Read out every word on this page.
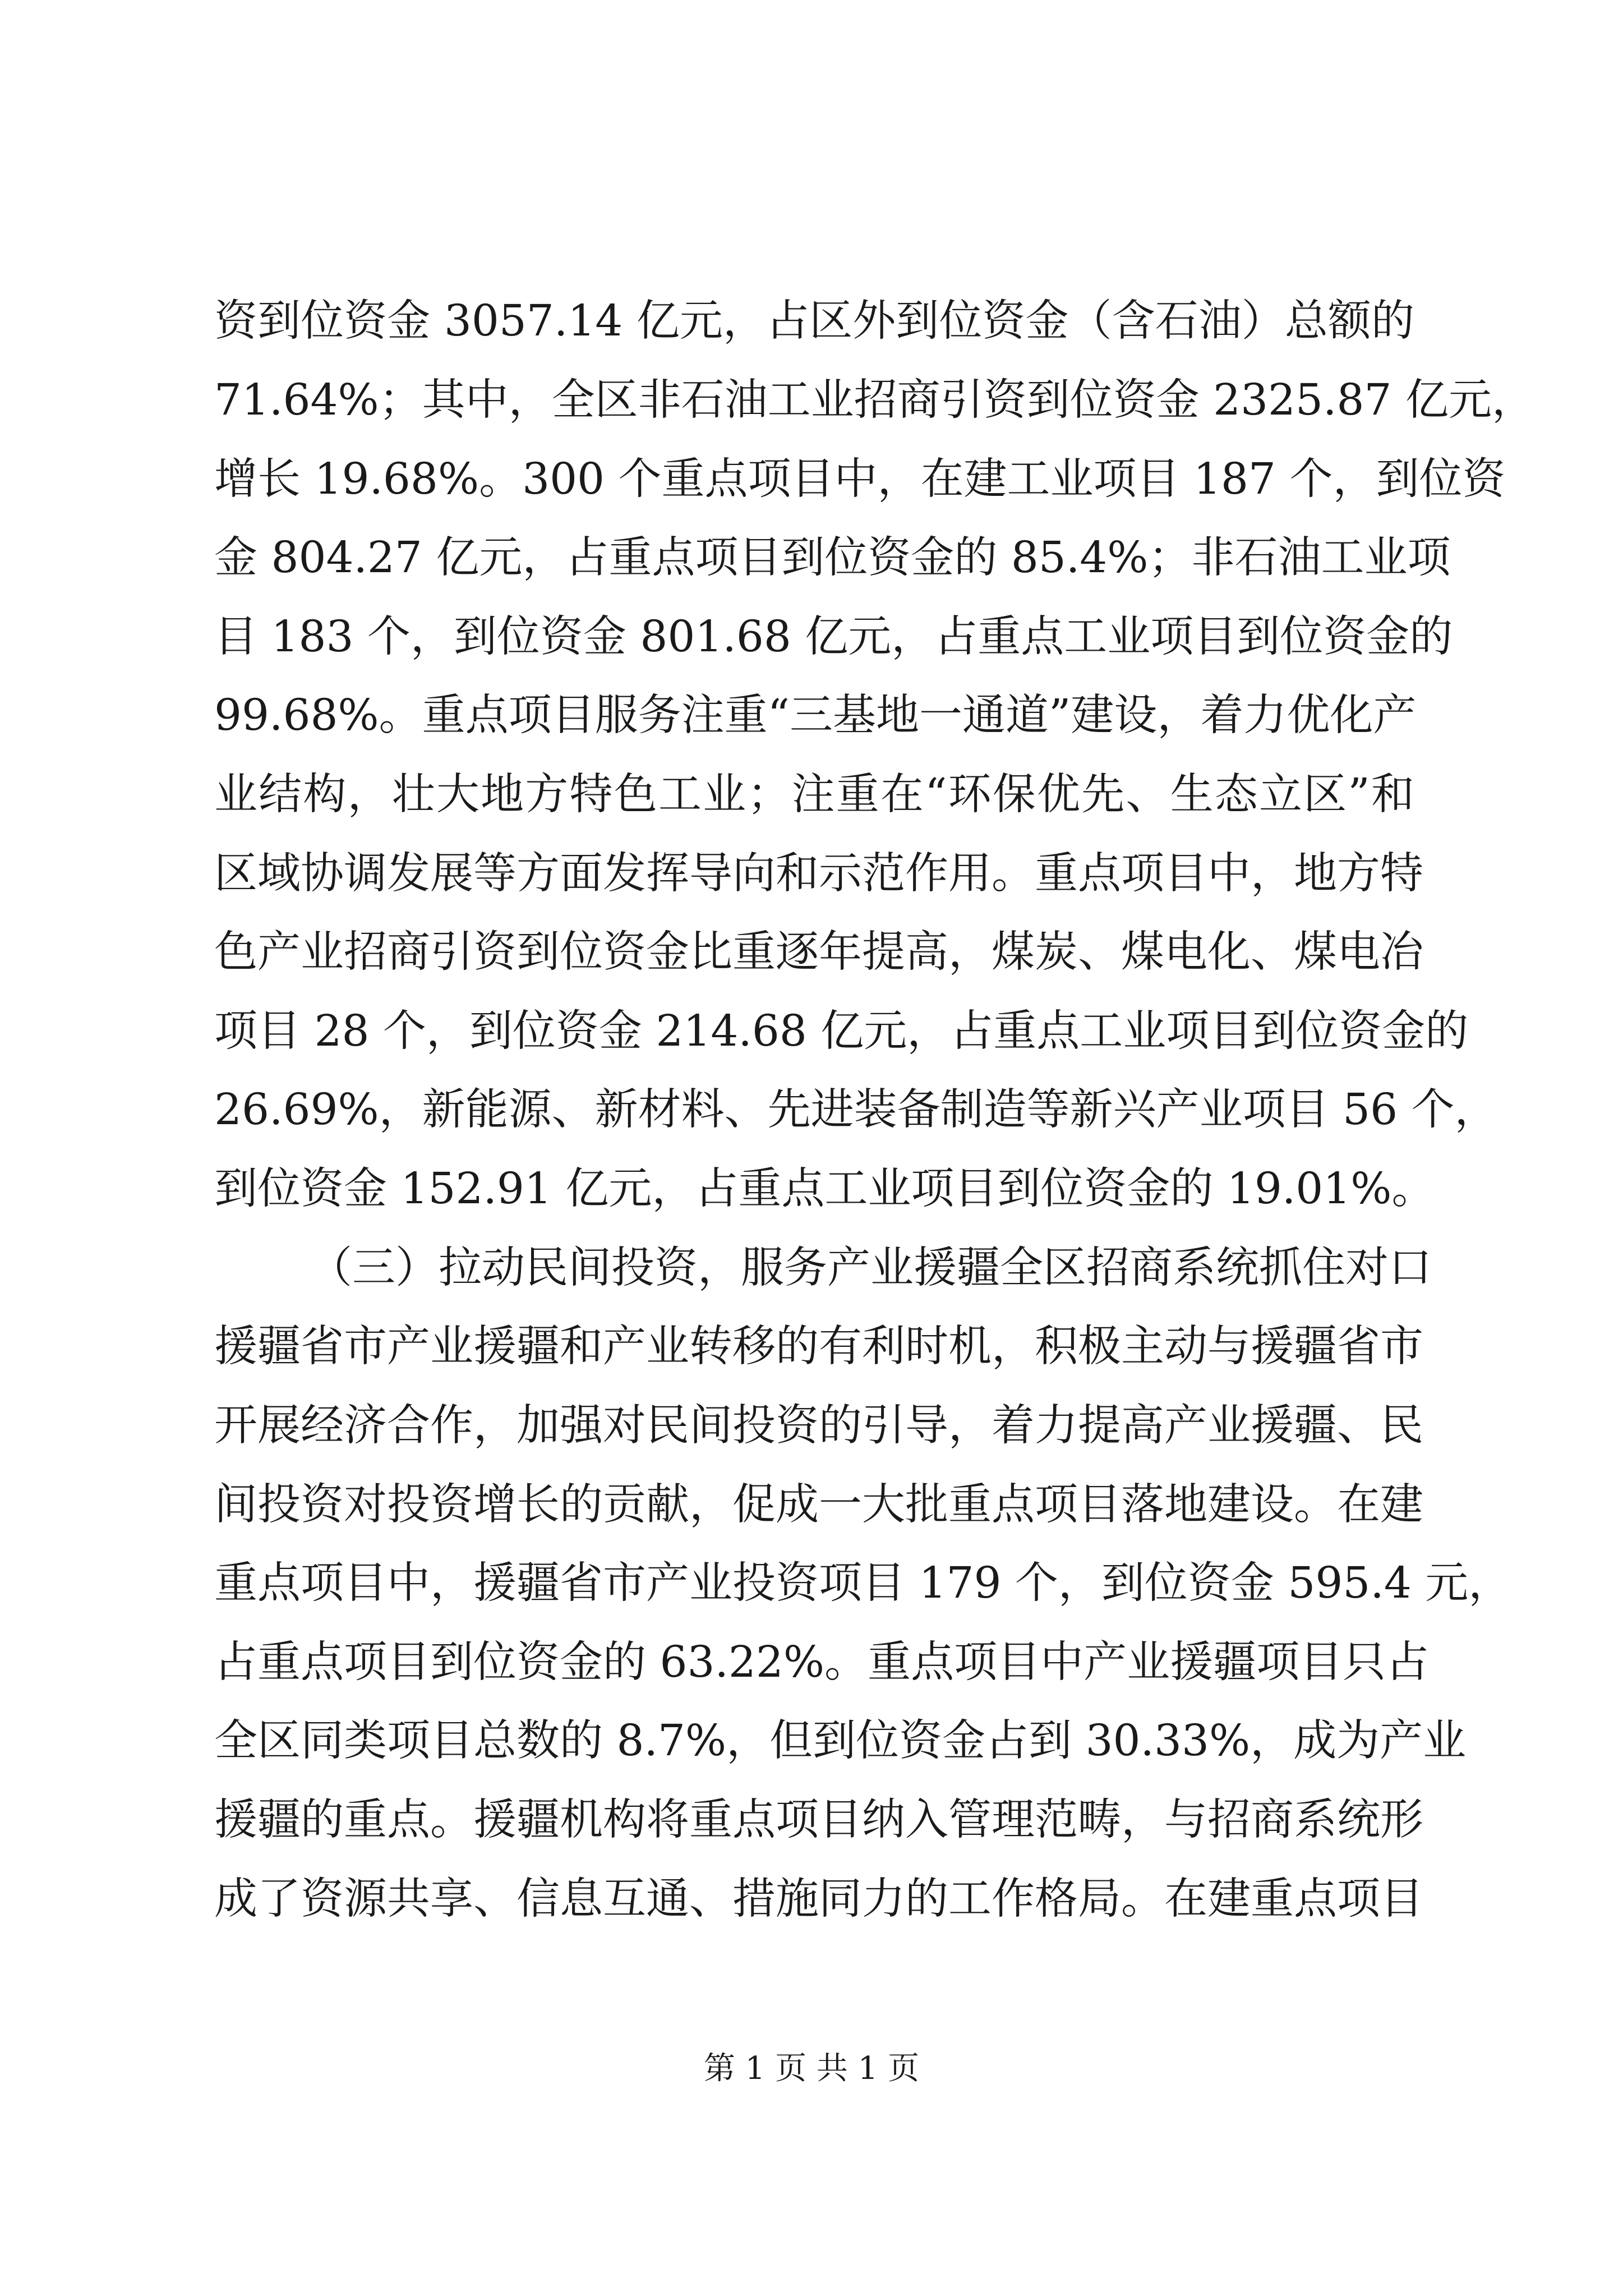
资到位资金 3057.14 亿元，占区外到位资金（含石油）总额的
71.64%；其中，全区非石油工业招商引资到位资金 2325.87 亿元，
增长 19.68%。300 个重点项目中，在建工业项目 187 个，到位资
金 804.27 亿元，占重点项目到位资金的 85.4%；非石油工业项
目 183 个，到位资金 801.68 亿元，占重点工业项目到位资金的
99.68%。重点项目服务注重“三基地一通道”建设，着力优化产
业结构，壮大地方特色工业；注重在“环保优先、生态立区”和
区域协调发展等方面发挥导向和示范作用。重点项目中，地方特
色产业招商引资到位资金比重逐年提高，煤炭、煤电化、煤电冶
项目 28 个，到位资金 214.68 亿元，占重点工业项目到位资金的
26.69%，新能源、新材料、先进装备制造等新兴产业项目 56 个，
到位资金 152.91 亿元，占重点工业项目到位资金的 19.01%。
（三）拉动民间投资，服务产业援疆全区招商系统抓住对口
援疆省市产业援疆和产业转移的有利时机，积极主动与援疆省市
开展经济合作，加强对民间投资的引导，着力提高产业援疆、民
间投资对投资增长的贡献，促成一大批重点项目落地建设。在建
重点项目中，援疆省市产业投资项目 179 个，到位资金 595.4 元，
占重点项目到位资金的 63.22%。重点项目中产业援疆项目只占
全区同类项目总数的 8.7%，但到位资金占到 30.33%，成为产业
援疆的重点。援疆机构将重点项目纳入管理范畴，与招商系统形
成了资源共享、信息互通、措施同力的工作格局。在建重点项目
第 1 页 共 1 页
